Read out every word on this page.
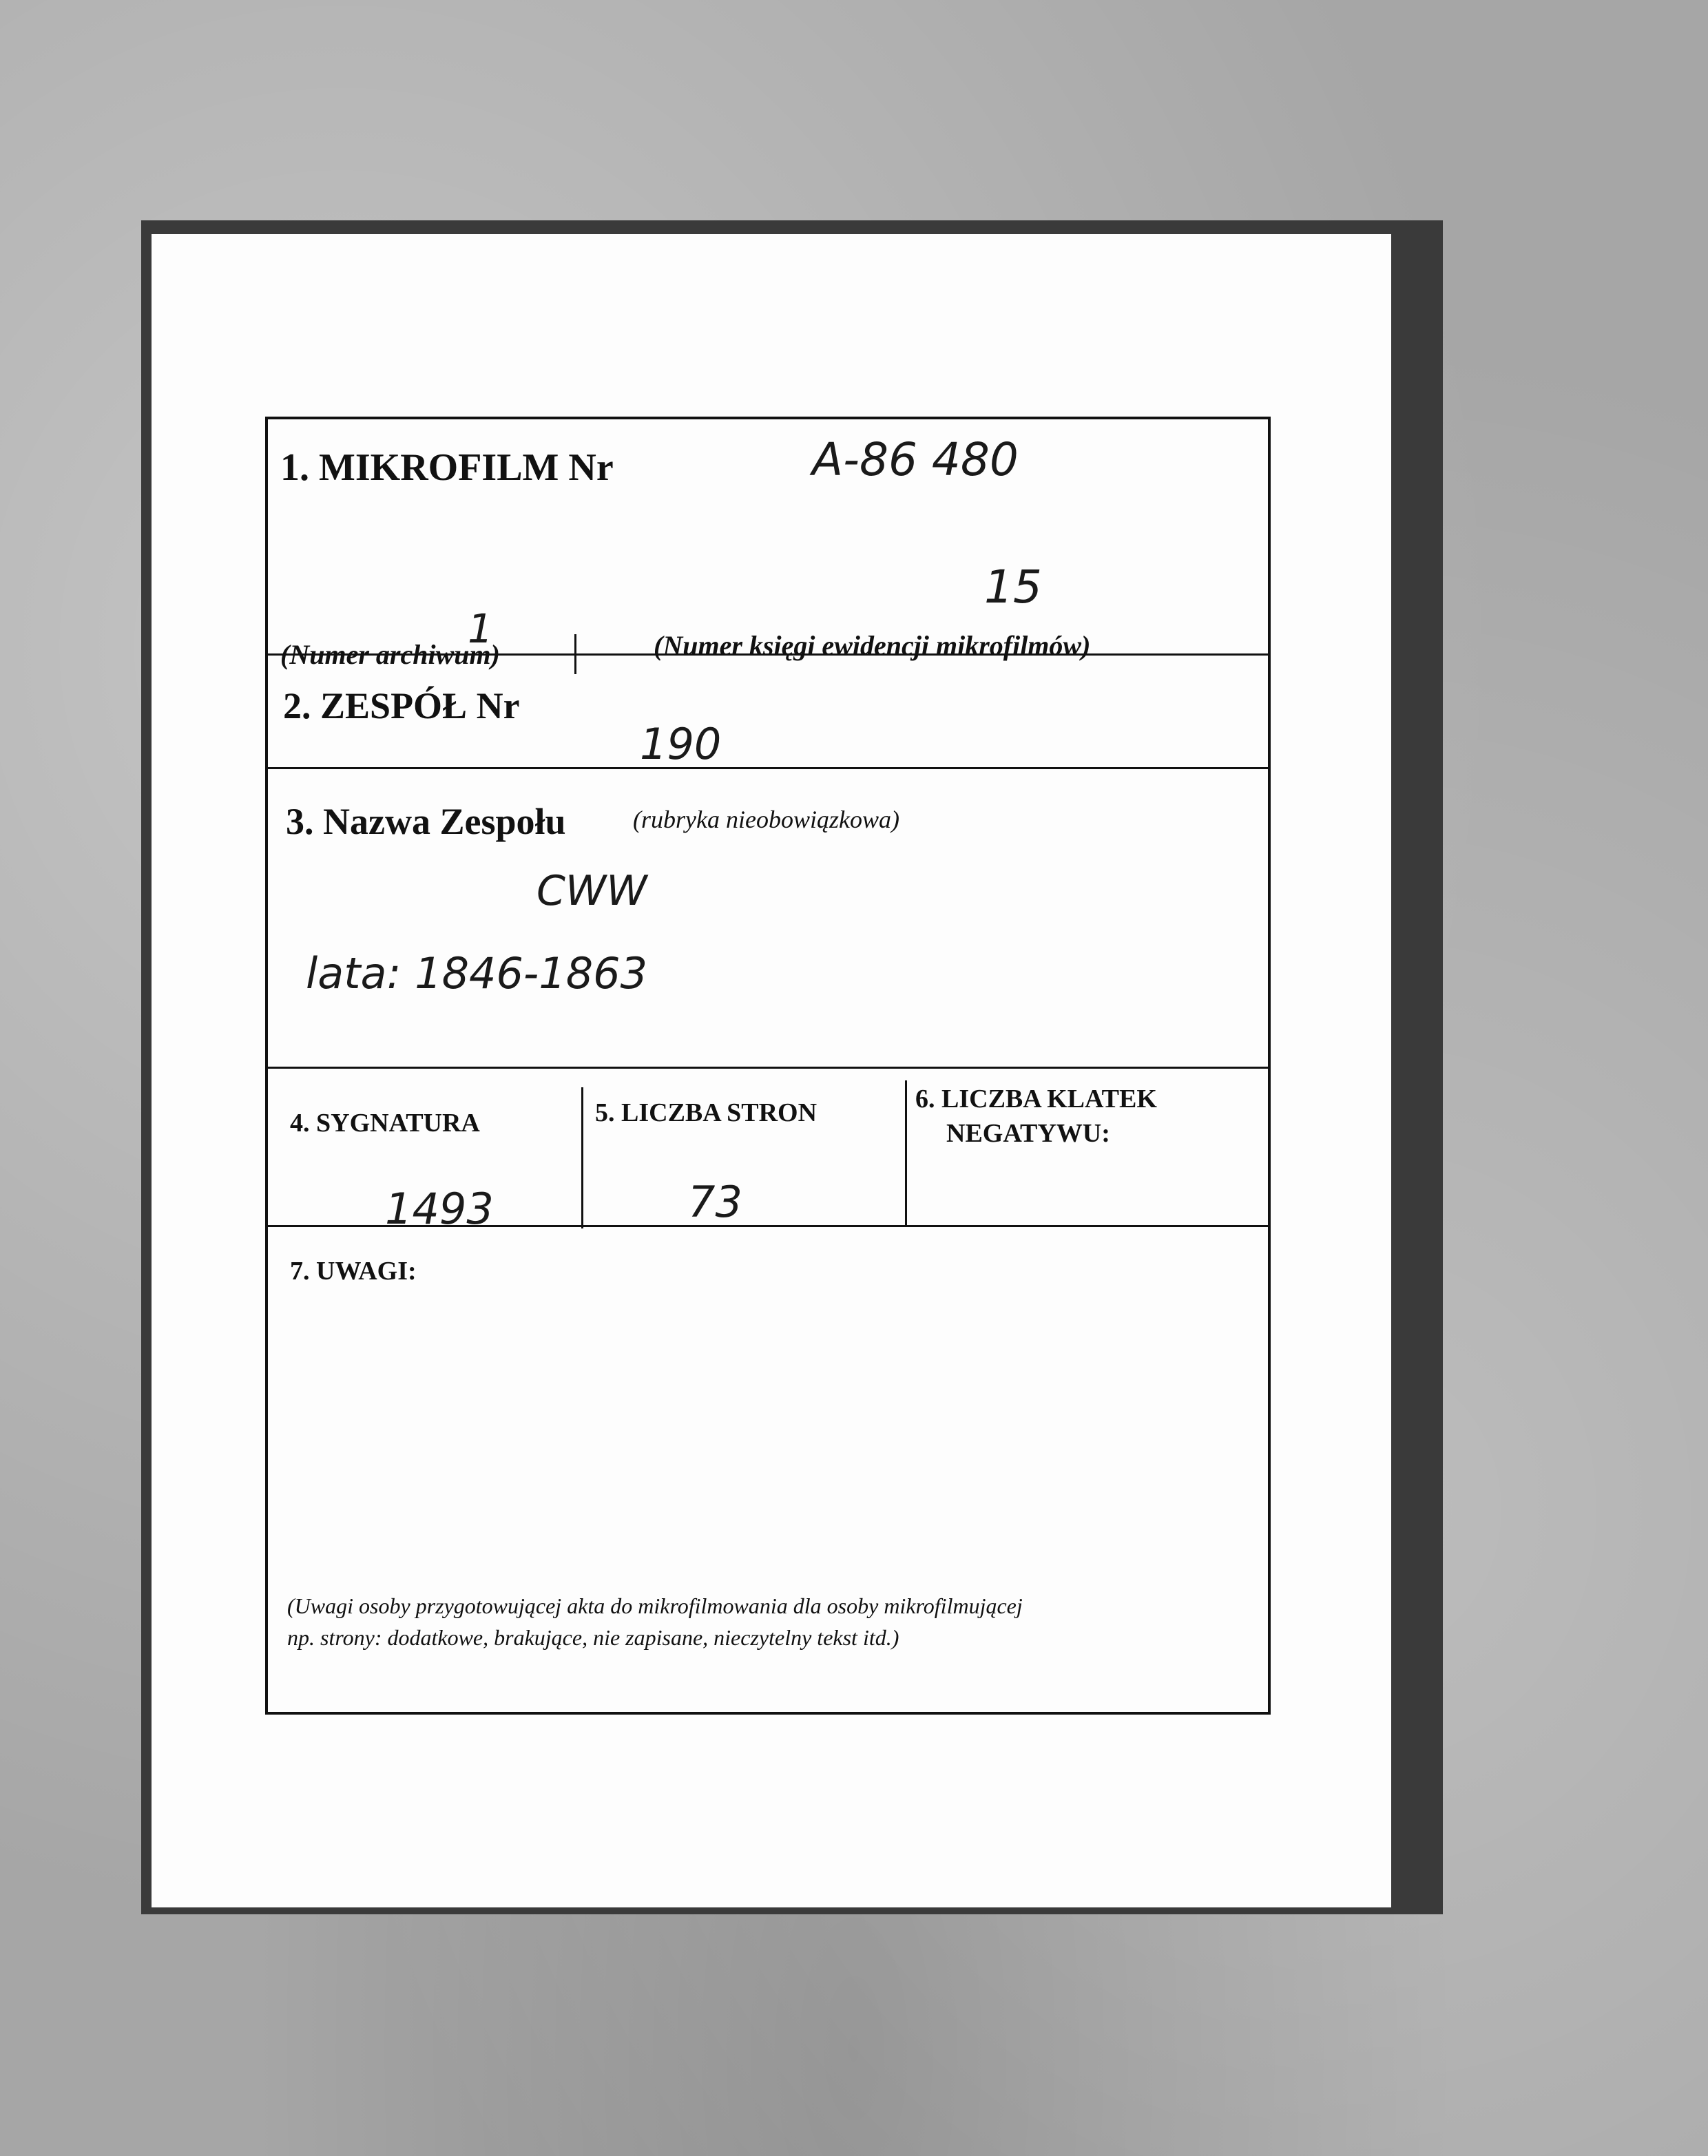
1. MIKROFILM Nr	A-86 480
15
1
(Numer archiwum)	(Numer księgi ewidencji mikrofilmów)
2. ZESPÓŁ Nr
190
3. Nazwa Zespołu	(rubryka nieobowiązkowa)
CWW
lata: 1846-1863
4. SYGNATURA
1493
5. LICZBA STRON
73
6. LICZBA KLATEK
NEGATYWU:
7. UWAGI:
(Uwagi osoby przygotowującej akta do mikrofilmowania dla osoby mikrofilmującej
np. strony: dodatkowe, brakujące, nie zapisane, nieczytelny tekst itd.)
